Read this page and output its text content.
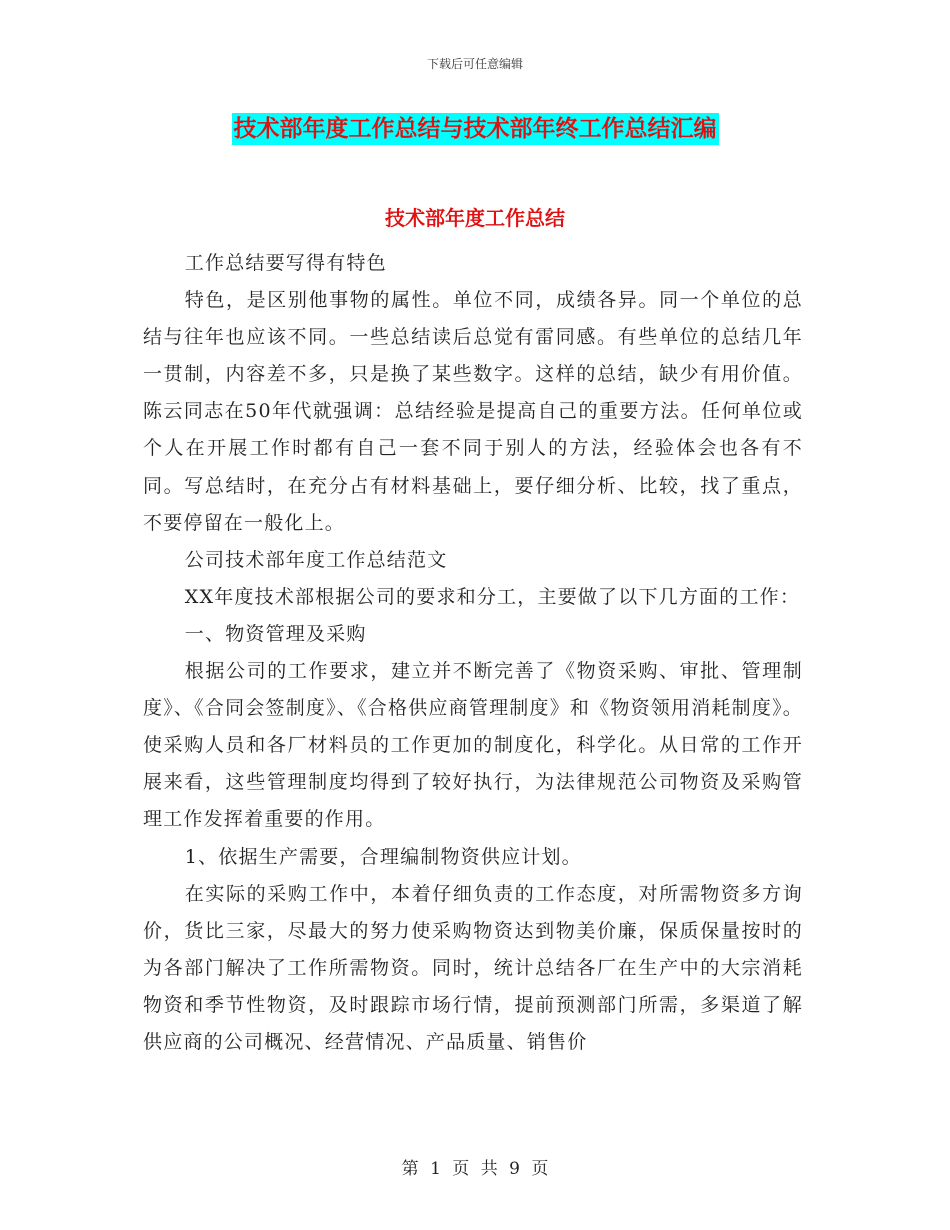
下载后可任意编辑
技术部年度工作总结与技术部年终工作总结汇编
技术部年度工作总结

工作总结要写得有特色

特色，是区别他事物的属性。单位不同，成绩各异。同一个单位的总结与往年也应该不同。一些总结读后总觉有雷同感。有些单位的总结几年一贯制，内容差不多，只是换了某些数字。这样的总结，缺少有用价值。陈云同志在50年代就强调：总结经验是提高自己的重要方法。任何单位或个人在开展工作时都有自己一套不同于别人的方法，经验体会也各有不同。写总结时，在充分占有材料基础上，要仔细分析、比较，找了重点，不要停留在一般化上。

公司技术部年度工作总结范文

XX年度技术部根据公司的要求和分工，主要做了以下几方面的工作：

一、物资管理及采购

根据公司的工作要求，建立并不断完善了《物资采购、审批、管理制度》、《合同会签制度》、《合格供应商管理制度》和《物资领用消耗制度》。使采购人员和各厂材料员的工作更加的制度化，科学化。从日常的工作开展来看，这些管理制度均得到了较好执行，为法律规范公司物资及采购管理工作发挥着重要的作用。

1、依据生产需要，合理编制物资供应计划。

在实际的采购工作中，本着仔细负责的工作态度，对所需物资多方询价，货比三家，尽最大的努力使采购物资达到物美价廉，保质保量按时的为各部门解决了工作所需物资。同时，统计总结各厂在生产中的大宗消耗物资和季节性物资，及时跟踪市场行情，提前预测部门所需，多渠道了解供应商的公司概况、经营情况、产品质量、销售价

第 1 页 共 9 页
